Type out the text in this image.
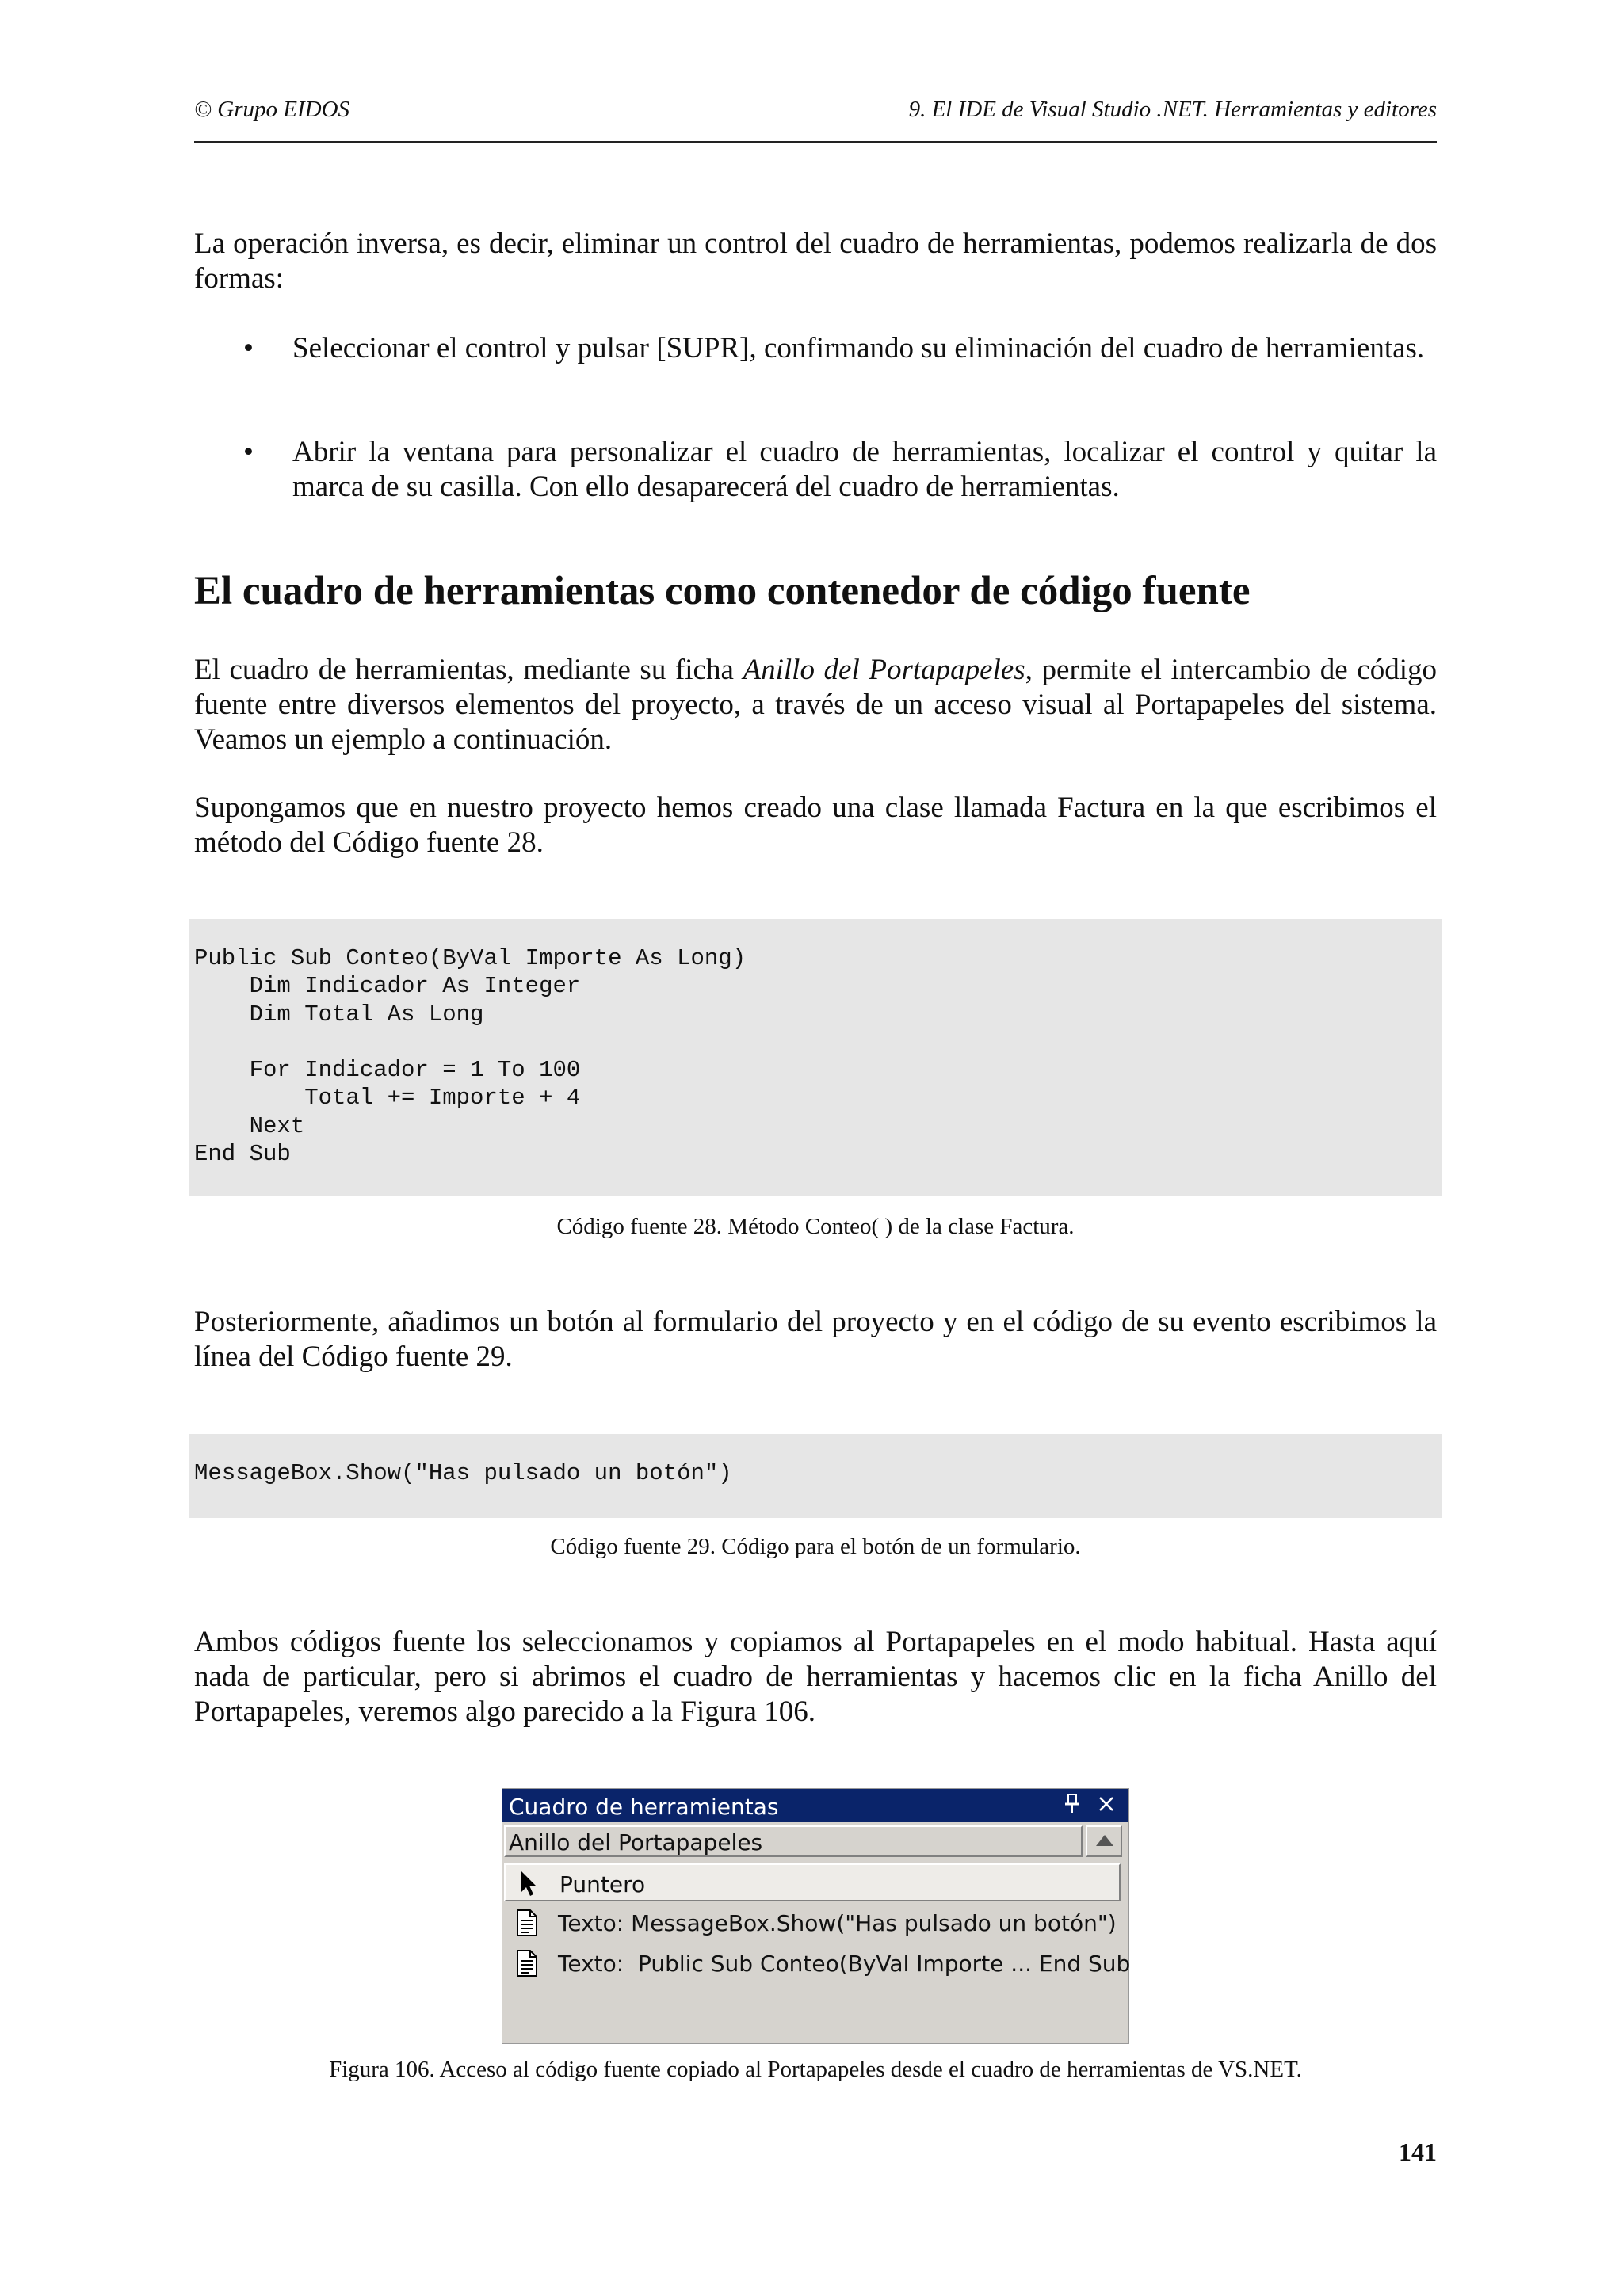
© Grupo EIDOS	9. El IDE de Visual Studio .NET. Herramientas y editores

La operación inversa, es decir, eliminar un control del cuadro de herramientas, podemos realizarla de dos formas:

• Seleccionar el control y pulsar [SUPR], confirmando su eliminación del cuadro de herramientas.
• Abrir la ventana para personalizar el cuadro de herramientas, localizar el control y quitar la marca de su casilla. Con ello desaparecerá del cuadro de herramientas.
El cuadro de herramientas como contenedor de código fuente

El cuadro de herramientas, mediante su ficha Anillo del Portapapeles, permite el intercambio de código fuente entre diversos elementos del proyecto, a través de un acceso visual al Portapapeles del sistema. Veamos un ejemplo a continuación.

Supongamos que en nuestro proyecto hemos creado una clase llamada Factura en la que escribimos el método del Código fuente 28.

Public Sub Conteo(ByVal Importe As Long)
Dim Indicador As Integer
Dim Total As Long

For Indicador = 1 To 100
Total += Importe + 4
Next
End Sub
Código fuente 28. Método Conteo( ) de la clase Factura.

Posteriormente, añadimos un botón al formulario del proyecto y en el código de su evento escribimos la línea del Código fuente 29.

MessageBox.Show("Has pulsado un botón")
Código fuente 29. Código para el botón de un formulario.

Ambos códigos fuente los seleccionamos y copiamos al Portapapeles en el modo habitual. Hasta aquí nada de particular, pero si abrimos el cuadro de herramientas y hacemos clic en la ficha Anillo del Portapapeles, veremos algo parecido a la Figura 106.

Cuadro de herramientas
Anillo del Portapapeles
Puntero
Texto: MessageBox.Show("Has pulsado un botón")
Texto:  Public Sub Conteo(ByVal Importe ... End Sub
Figura 106. Acceso al código fuente copiado al Portapapeles desde el cuadro de herramientas de VS.NET.
141
